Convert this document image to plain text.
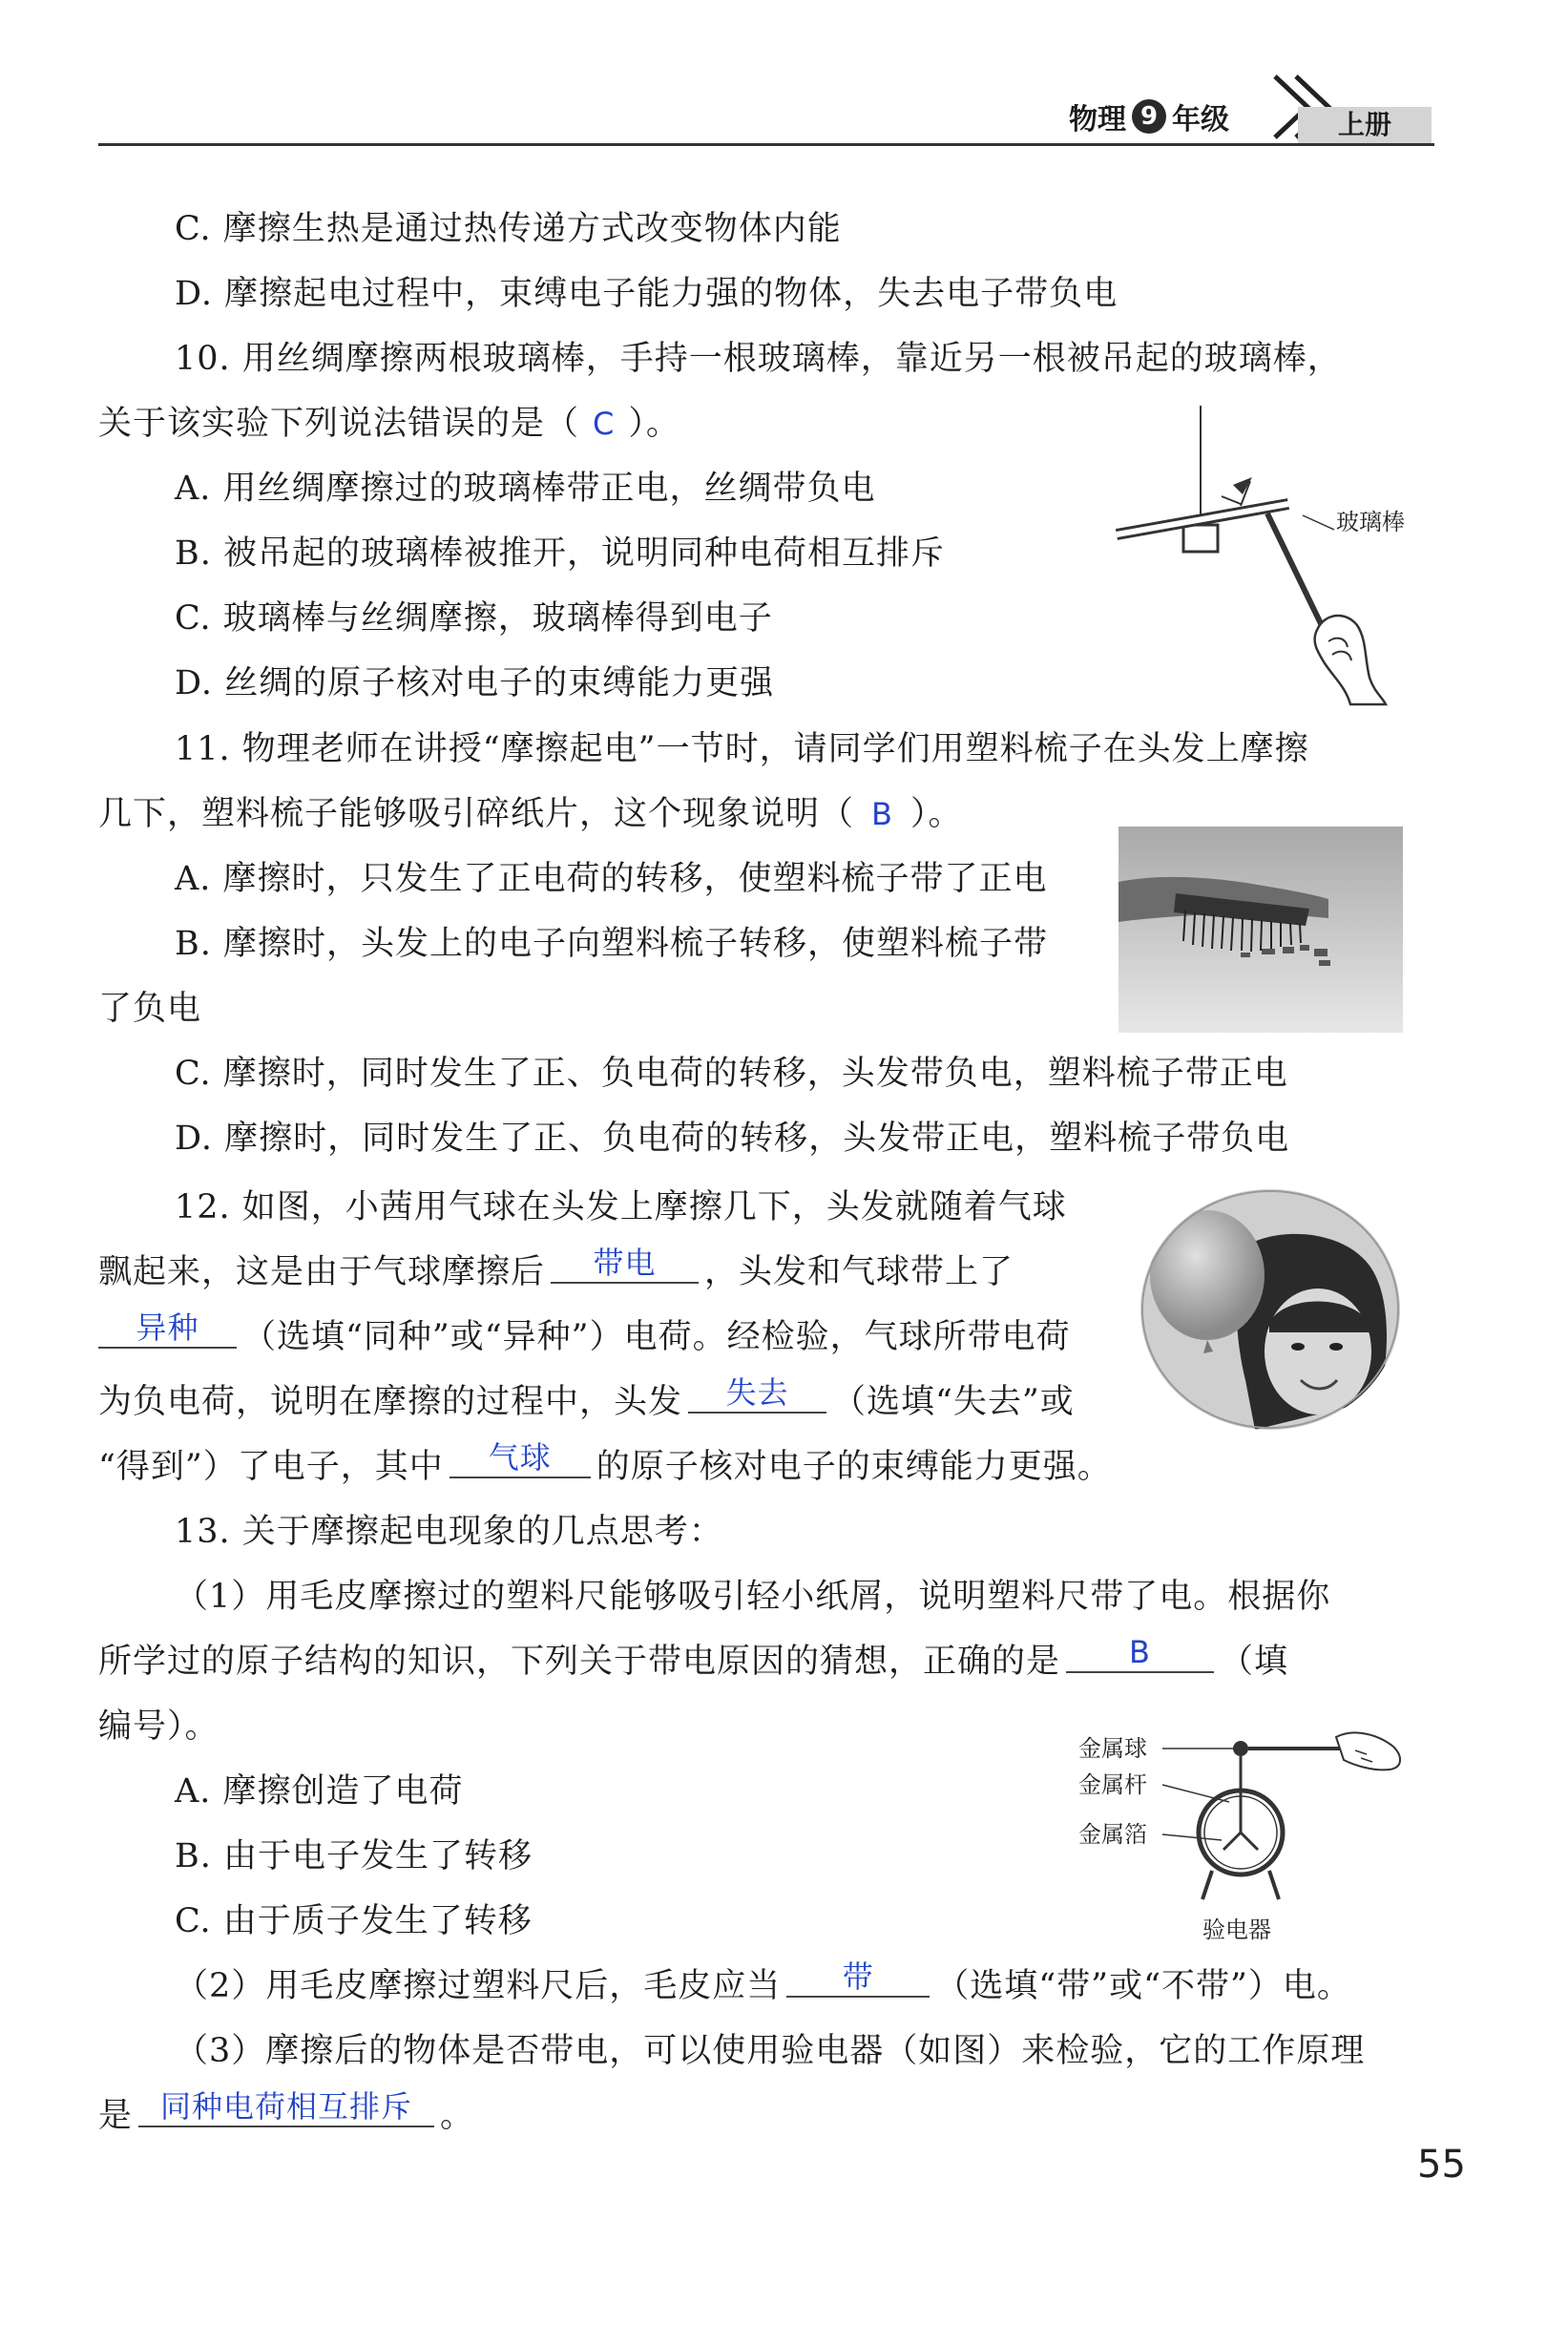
物理 9 年级	上册
C. 摩擦生热是通过热传递方式改变物体内能
D. 摩擦起电过程中，束缚电子能力强的物体，失去电子带负电
10. 用丝绸摩擦两根玻璃棒，手持一根玻璃棒，靠近另一根被吊起的玻璃棒，
关于该实验下列说法错误的是（ C ）。
A. 用丝绸摩擦过的玻璃棒带正电，丝绸带负电
B. 被吊起的玻璃棒被推开，说明同种电荷相互排斥
C. 玻璃棒与丝绸摩擦，玻璃棒得到电子
D. 丝绸的原子核对电子的束缚能力更强
玻璃棒
11. 物理老师在讲授“摩擦起电”一节时，请同学们用塑料梳子在头发上摩擦
几下，塑料梳子能够吸引碎纸片，这个现象说明（ B ）。
A. 摩擦时，只发生了正电荷的转移，使塑料梳子带了正电
B. 摩擦时，头发上的电子向塑料梳子转移，使塑料梳子带
了负电
C. 摩擦时，同时发生了正、负电荷的转移，头发带负电，塑料梳子带正电
D. 摩擦时，同时发生了正、负电荷的转移，头发带正电，塑料梳子带负电
12. 如图，小茜用气球在头发上摩擦几下，头发就随着气球
飘起来，这是由于气球摩擦后 带电 ，头发和气球带上了
异种 （选填“同种”或“异种”）电荷。经检验，气球所带电荷
为负电荷，说明在摩擦的过程中，头发 失去 （选填“失去”或
“得到”）了电子，其中 气球 的原子核对电子的束缚能力更强。
13. 关于摩擦起电现象的几点思考：
（1）用毛皮摩擦过的塑料尺能够吸引轻小纸屑，说明塑料尺带了电。根据你
所学过的原子结构的知识，下列关于带电原因的猜想，正确的是 B （填
编号）。
A. 摩擦创造了电荷
B. 由于电子发生了转移
C. 由于质子发生了转移
（2）用毛皮摩擦过塑料尺后，毛皮应当 带 （选填“带”或“不带”）电。
（3）摩擦后的物体是否带电，可以使用验电器（如图）来检验，它的工作原理
是 同种电荷相互排斥 。
金属球
金属杆
金属箔
验电器
55
